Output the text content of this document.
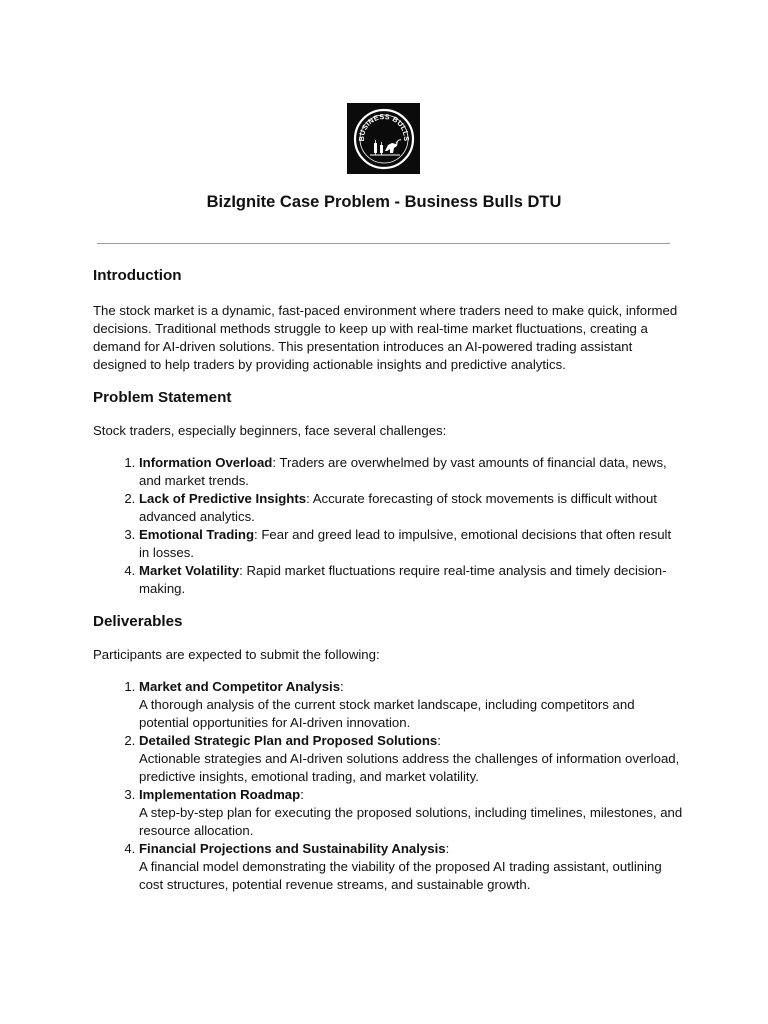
BUSINESS BULLS
BizIgnite Case Problem - Business Bulls DTU
Introduction

The stock market is a dynamic, fast-paced environment where traders need to make quick, informed decisions. Traditional methods struggle to keep up with real-time market fluctuations, creating a demand for AI-driven solutions. This presentation introduces an AI-powered trading assistant designed to help traders by providing actionable insights and predictive analytics.

Problem Statement

Stock traders, especially beginners, face several challenges:

1. Information Overload: Traders are overwhelmed by vast amounts of financial data, news, and market trends.
2. Lack of Predictive Insights: Accurate forecasting of stock movements is difficult without advanced analytics.
3. Emotional Trading: Fear and greed lead to impulsive, emotional decisions that often result in losses.
4. Market Volatility: Rapid market fluctuations require real-time analysis and timely decision-making.
Deliverables

Participants are expected to submit the following:

1. Market and Competitor Analysis:
A thorough analysis of the current stock market landscape, including competitors and potential opportunities for AI-driven innovation.
2. Detailed Strategic Plan and Proposed Solutions:
Actionable strategies and AI-driven solutions address the challenges of information overload, predictive insights, emotional trading, and market volatility.
3. Implementation Roadmap:
A step-by-step plan for executing the proposed solutions, including timelines, milestones, and resource allocation.
4. Financial Projections and Sustainability Analysis:
A financial model demonstrating the viability of the proposed AI trading assistant, outlining cost structures, potential revenue streams, and sustainable growth.
